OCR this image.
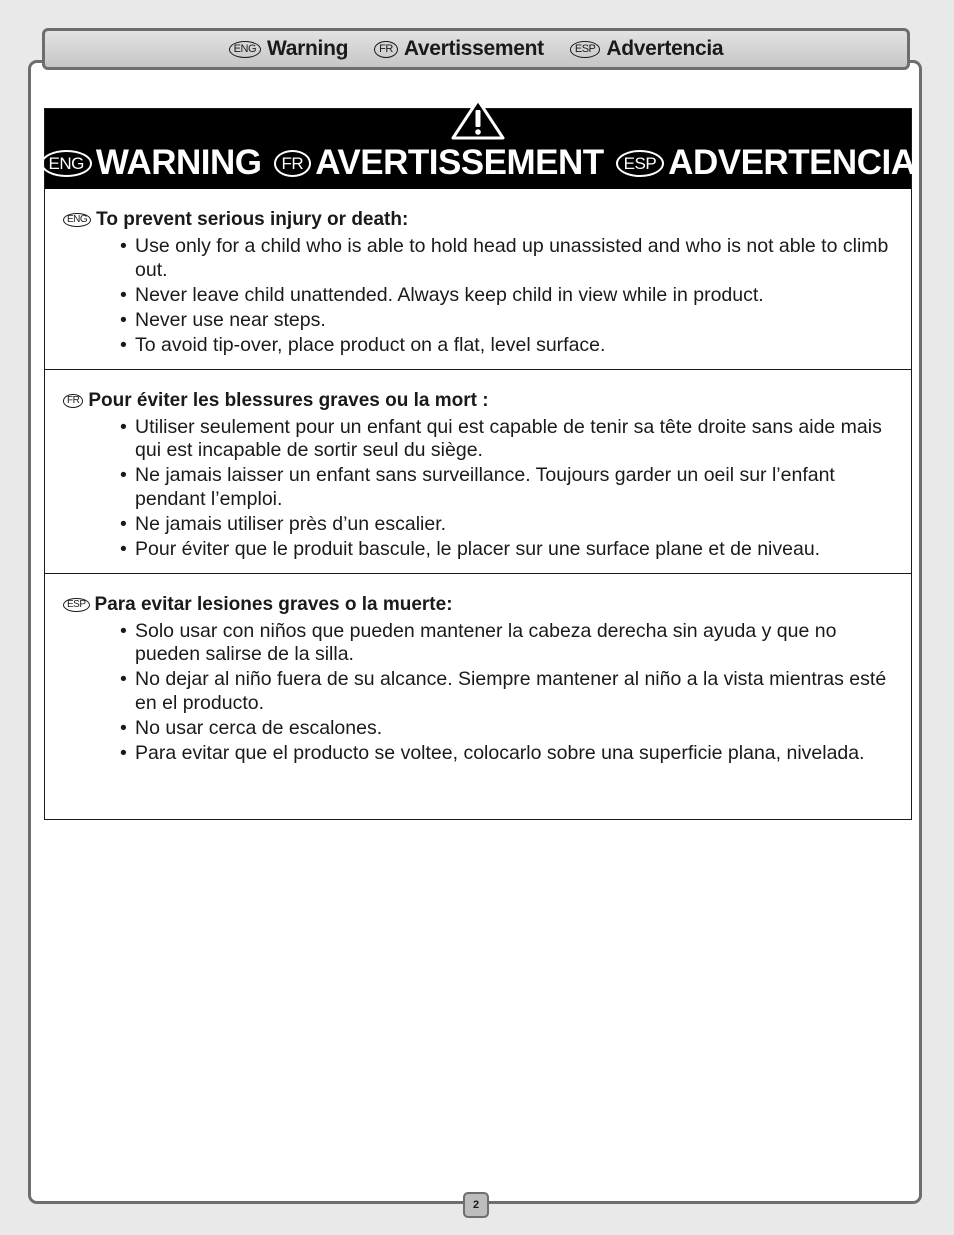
ENG Warning	FR Avertissement	ESP Advertencia
ENG WARNING	FR AVERTISSEMENT	ESP ADVERTENCIA
ENG To prevent serious injury or death:
• Use only for a child who is able to hold head up unassisted and who is not able to climb out.
• Never leave child unattended. Always keep child in view while in product.
• Never use near steps.
• To avoid tip-over, place product on a flat, level surface.
FR Pour éviter les blessures graves ou la mort :
• Utiliser seulement pour un enfant qui est capable de tenir sa tête droite sans aide mais qui est incapable de sortir seul du siège.
• Ne jamais laisser un enfant sans surveillance. Toujours garder un oeil sur l’enfant pendant l’emploi.
• Ne jamais utiliser près d’un escalier.
• Pour éviter que le produit bascule, le placer sur une surface plane et de niveau.
ESP Para evitar lesiones graves o la muerte:
• Solo usar con niños que pueden mantener la cabeza derecha sin ayuda y que no pueden salirse de la silla.
• No dejar al niño fuera de su alcance. Siempre mantener al niño a la vista mientras esté en el producto.
• No usar cerca de escalones.
• Para evitar que el producto se voltee, colocarlo sobre una superficie plana, nivelada.
2
